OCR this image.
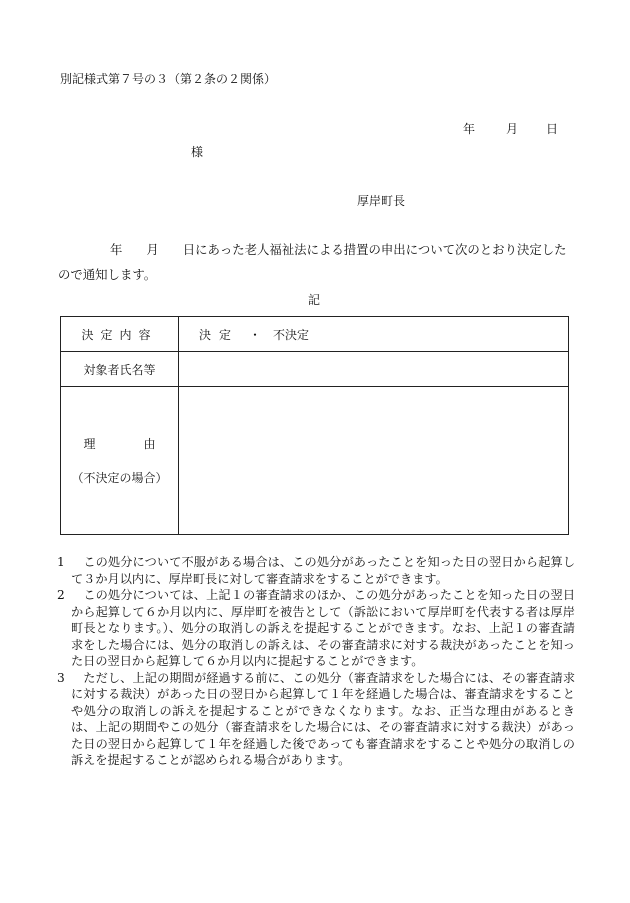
別記様式第７号の３（第２条の２関係）
年	月 日
様
厚岸町長
年 月 日にあった老人福祉法による措置の申出について次のとおり決定したので通知します。
記
決定内容	決定 ・ 不決定
対象者氏名等	

理 由
（不決定の場合）	

1
　	この処分について不服がある場合は、この処分があったことを知った日の翌日から起算して３か月以内に、厚岸町長に対して審査請求をすることができます。
2
　	この処分については、上記１の審査請求のほか、この処分があったことを知った日の翌日から起算して６か月以内に、厚岸町を被告として（訴訟において厚岸町を代表する者は厚岸町長となります。）、処分の取消しの訴えを提起することができます。なお、上記１の審査請求をした場合には、処分の取消しの訴えは、その審査請求に対する裁決があったことを知った日の翌日から起算して６か月以内に提起することができます。
3
　	ただし、上記の期間が経過する前に、この処分（審査請求をした場合には、その審査請求に対する裁決）があった日の翌日から起算して１年を経過した場合は、審査請求をすることや処分の取消しの訴えを提起することができなくなります。なお、正当な理由があるときは、上記の期間やこの処分（審査請求をした場合には、その審査請求に対する裁決）があった日の翌日から起算して１年を経過した後であっても審査請求をすることや処分の取消しの訴えを提起することが認められる場合があります。
